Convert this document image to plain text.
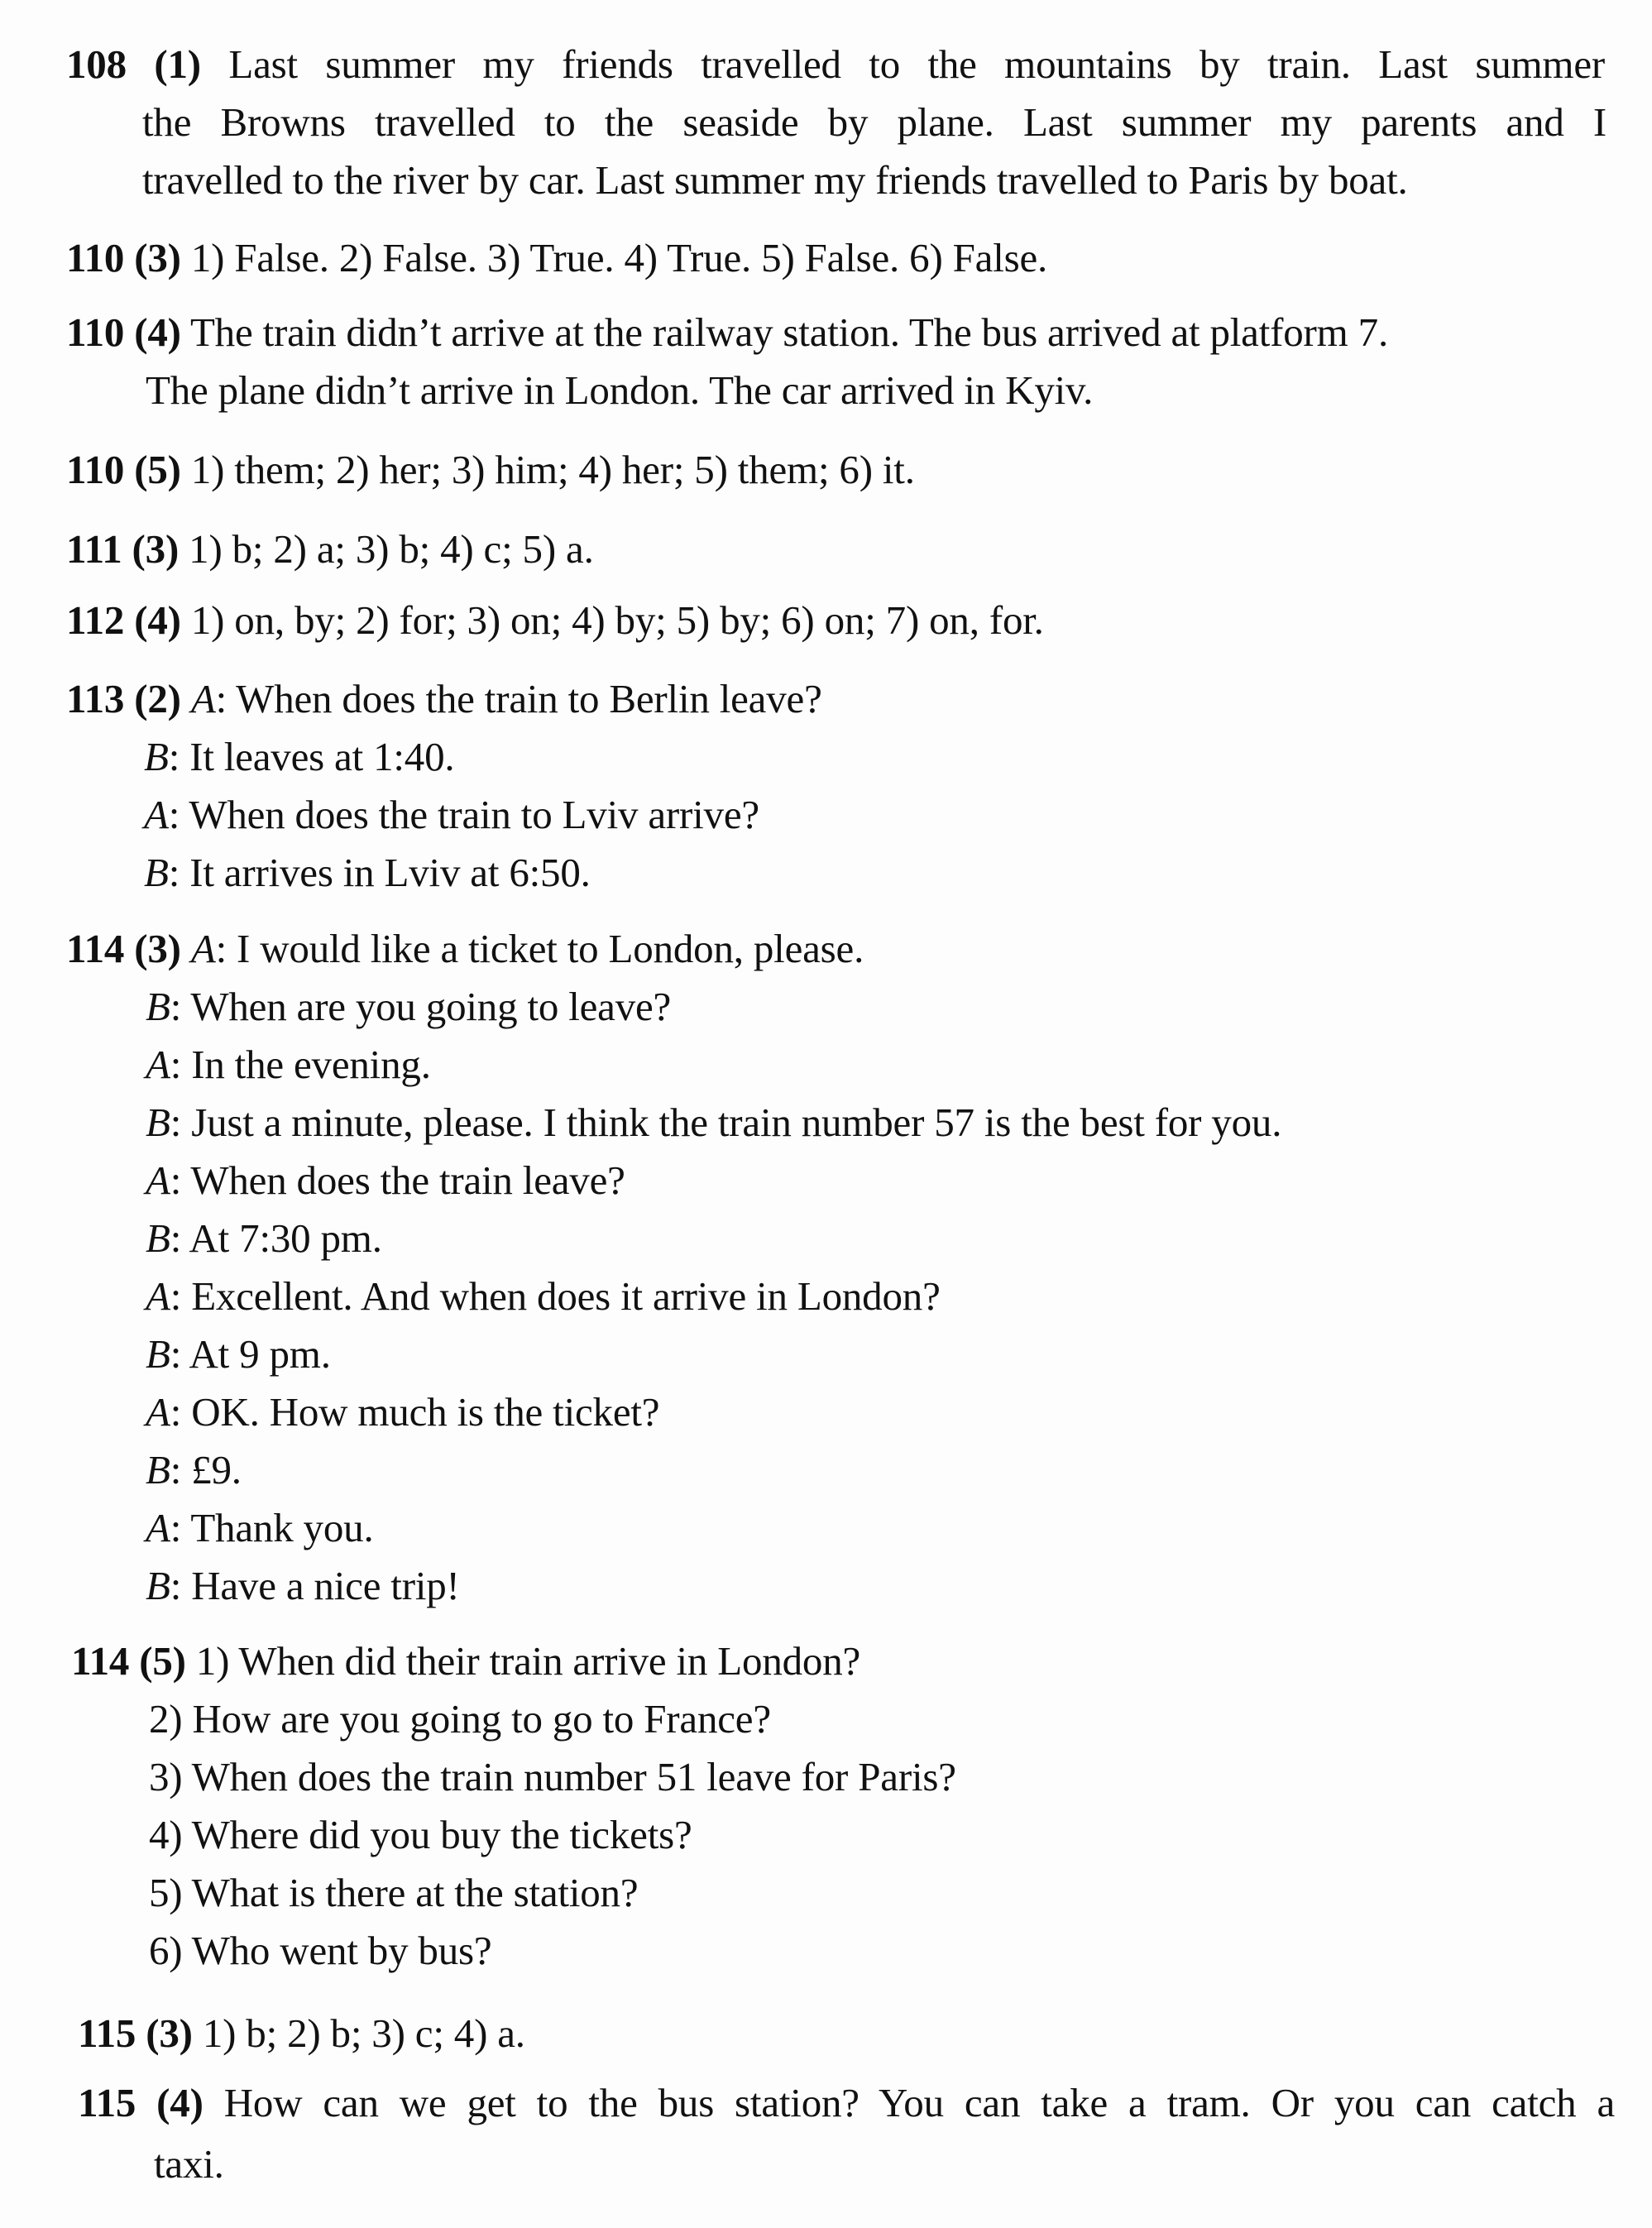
108 (1) Last summer my friends travelled to the mountains by train. Last summer
the Browns travelled to the seaside by plane. Last summer my parents and I
travelled to the river by car. Last summer my friends travelled to Paris by boat.
110 (3) 1) False. 2) False. 3) True. 4) True. 5) False. 6) False.
110 (4) The train didn’t arrive at the railway station. The bus arrived at platform 7.
The plane didn’t arrive in London. The car arrived in Kyiv.
110 (5) 1) them; 2) her; 3) him; 4) her; 5) them; 6) it.
111 (3) 1) b; 2) a; 3) b; 4) c; 5) a.
112 (4) 1) on, by; 2) for; 3) on; 4) by; 5) by; 6) on; 7) on, for.
113 (2) A: When does the train to Berlin leave?
B: It leaves at 1:40.
A: When does the train to Lviv arrive?
B: It arrives in Lviv at 6:50.
114 (3) A: I would like a ticket to London, please.
B: When are you going to leave?
A: In the evening.
B: Just a minute, please. I think the train number 57 is the best for you.
A: When does the train leave?
B: At 7:30 pm.
A: Excellent. And when does it arrive in London?
B: At 9 pm.
A: OK. How much is the ticket?
B: £9.
A: Thank you.
B: Have a nice trip!
114 (5) 1) When did their train arrive in London?
2) How are you going to go to France?
3) When does the train number 51 leave for Paris?
4) Where did you buy the tickets?
5) What is there at the station?
6) Who went by bus?
115 (3) 1) b; 2) b; 3) c; 4) a.
115 (4) How can we get to the bus station? You can take a tram. Or you can catch a
taxi.
